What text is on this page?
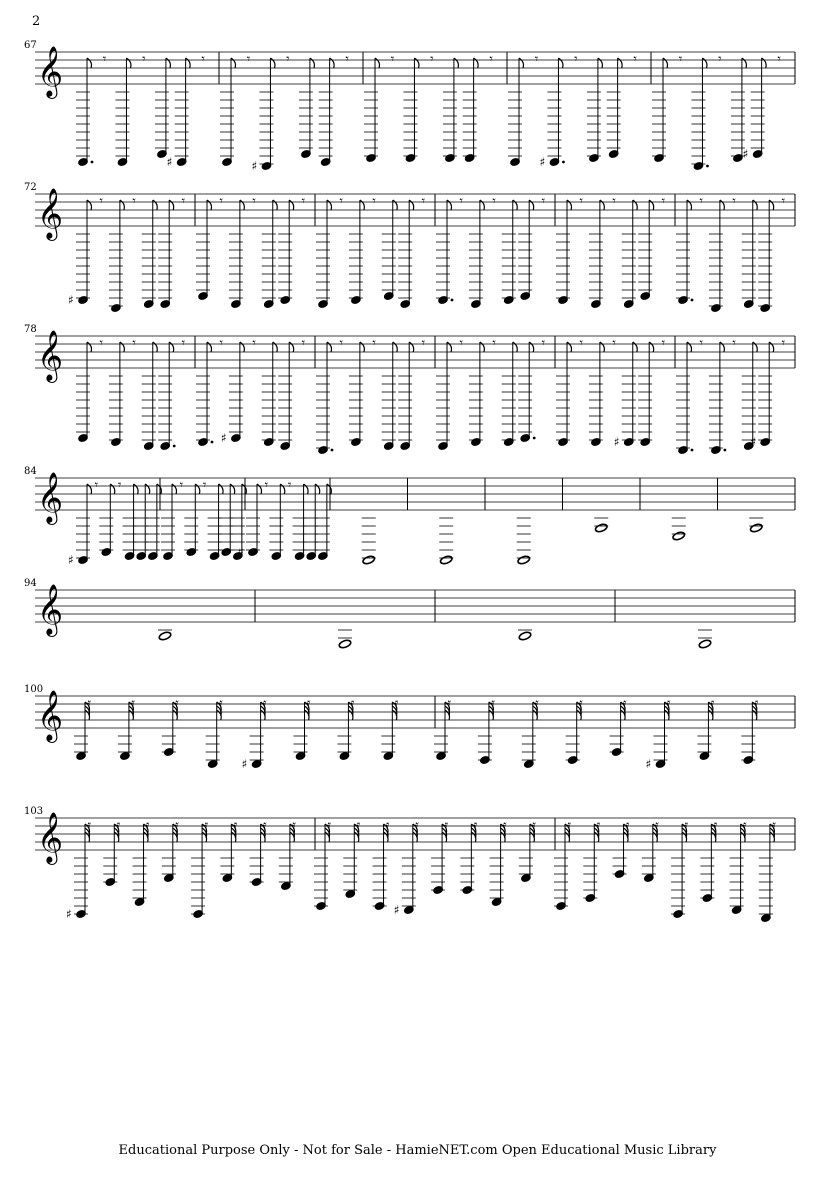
2
67
72
78
84
94
100
103
𝄞	𝄾	𝄾
♯
𝄾	𝄾
♯
𝄾	𝄾	𝄾	𝄾	𝄾	𝄾
♯
𝄾	𝄾	𝄾	𝄾
♯
𝄾
𝄞
♯
𝄾 𝄾	𝄾	𝄾 𝄾	𝄾	𝄾 𝄾	𝄾	𝄾 𝄾	𝄾	𝄾 𝄾	𝄾	𝄾 𝄾	𝄾
𝄞	𝄾 𝄾	𝄾	𝄾
♯
𝄾	𝄾	𝄾 𝄾	𝄾	𝄾 𝄾	𝄾	𝄾 𝄾
♯
𝄾	𝄾 𝄾
♯
𝄾
𝄞
♯
𝄾 𝄾	𝄾 𝄾
♯
𝄾 𝄾
𝄞
𝄞 𝄿	𝄿	𝄿	𝄿
♯
𝄿	𝄿	𝄿	𝄿	𝄿	𝄿	𝄿	𝄿	𝄿
♯
𝄿	𝄿	𝄿
𝄞
♯
𝄿 𝄿 𝄿 𝄿 𝄿 𝄿 𝄿 𝄿 𝄿 𝄿 𝄿
♯
𝄿 𝄿 𝄿 𝄿 𝄿 𝄿 𝄿 𝄿 𝄿 𝄿 𝄿 𝄿 𝄿
Educational Purpose Only - Not for Sale - HamieNET.com Open Educational Music Library
